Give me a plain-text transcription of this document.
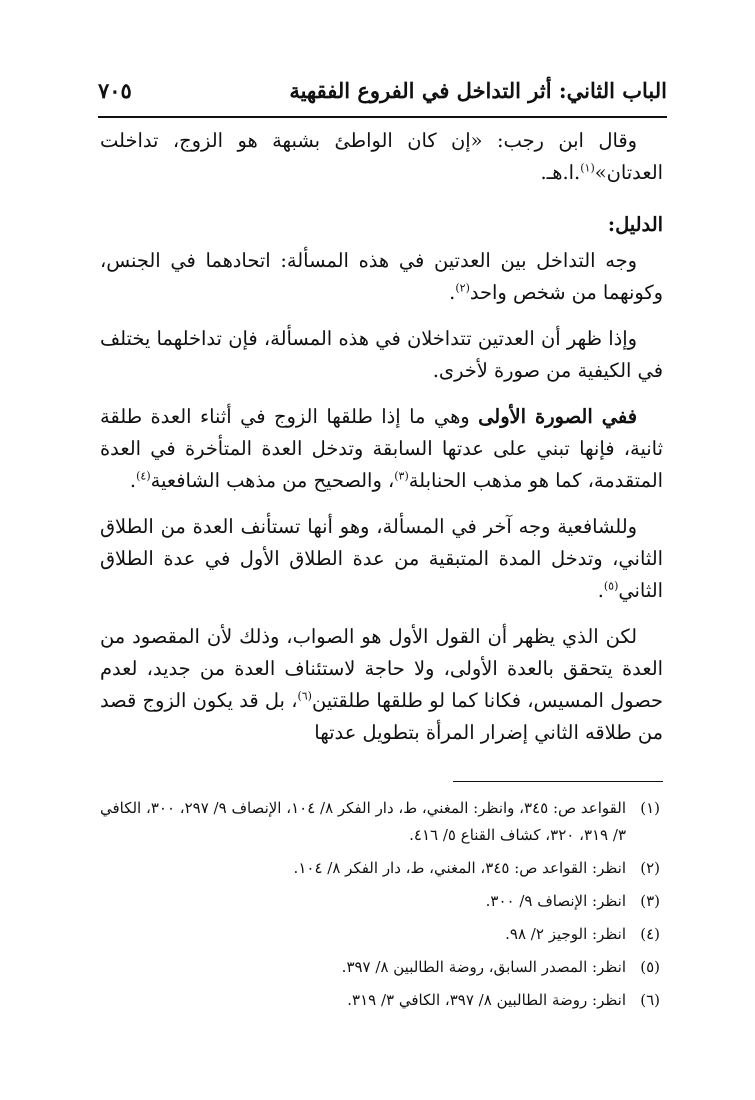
الباب الثاني: أثر التداخل في الفروع الفقهية
٧٠٥

وقال ابن رجب: «إن كان الواطئ بشبهة هو الزوج، تداخلت العدتان»$^{(١)}$.ا.هـ.

الدليل:

وجه التداخل بين العدتين في هذه المسألة: اتحادهما في الجنس، وكونهما من شخص واحد$^{(٢)}$.

وإذا ظهر أن العدتين تتداخلان في هذه المسألة، فإن تداخلهما يختلف في الكيفية من صورة لأخرى.

ففي الصورة الأولى وهي ما إذا طلقها الزوج في أثناء العدة طلقة ثانية، فإنها تبني على عدتها السابقة وتدخل العدة المتأخرة في العدة المتقدمة، كما هو مذهب الحنابلة$^{(٣)}$، والصحيح من مذهب الشافعية$^{(٤)}$.

وللشافعية وجه آخر في المسألة، وهو أنها تستأنف العدة من الطلاق الثاني، وتدخل المدة المتبقية من عدة الطلاق الأول في عدة الطلاق الثاني$^{(٥)}$.

لكن الذي يظهر أن القول الأول هو الصواب، وذلك لأن المقصود من العدة يتحقق بالعدة الأولى، ولا حاجة لاستئناف العدة من جديد، لعدم حصول المسيس، فكانا كما لو طلقها طلقتين$^{(٦)}$، بل قد يكون الزوج قصد من طلاقه الثاني إضرار المرأة بتطويل عدتها

(١)
القواعد ص: ٣٤٥، وانظر: المغني، ط، دار الفكر ٨/ ١٠٤، الإنصاف ٩/ ٢٩٧، ٣٠٠، الكافي ٣/ ٣١٩، ٣٢٠، كشاف القناع ٥/ ٤١٦.
(٢)
انظر: القواعد ص: ٣٤٥، المغني، ط، دار الفكر ٨/ ١٠٤.
(٣)
انظر: الإنصاف ٩/ ٣٠٠.
(٤)
انظر: الوجيز ٢/ ٩٨.
(٥)
انظر: المصدر السابق، روضة الطالبين ٨/ ٣٩٧.
(٦)
انظر: روضة الطالبين ٨/ ٣٩٧، الكافي ٣/ ٣١٩.
